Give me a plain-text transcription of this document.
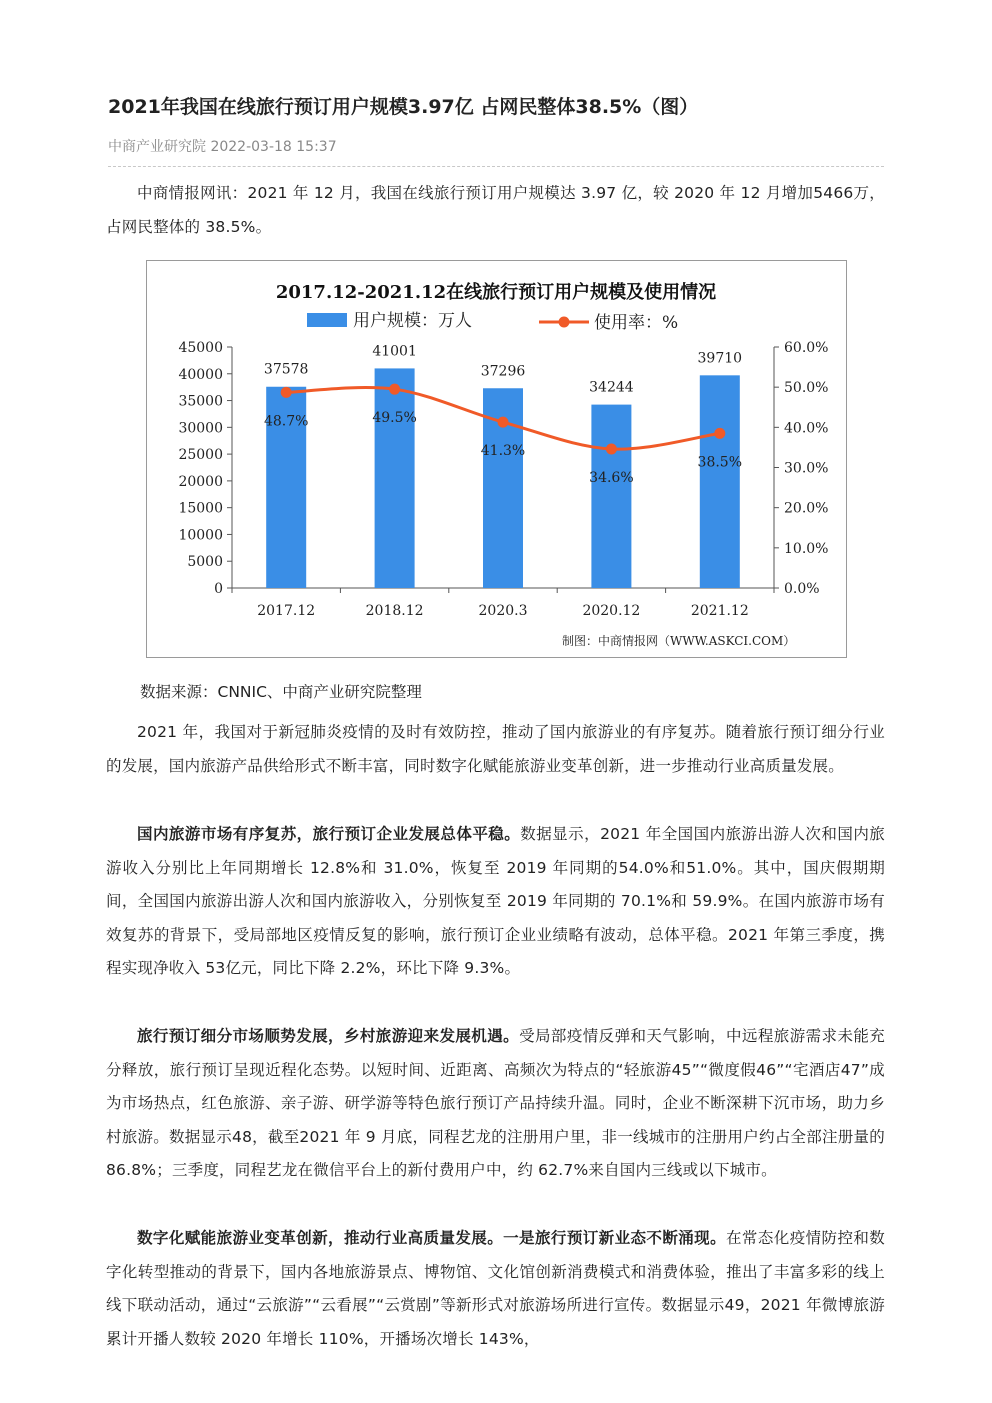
2021年我国在线旅行预订用户规模3.97亿 占网民整体38.5%（图）
中商产业研究院 2022-03-18 15:37
中商情报网讯：2021 年 12 月，我国在线旅行预订用户规模达 3.97 亿，较 2020 年 12 月增加5466万，占网民整体的 38.5%。
2017.12-2021.12在线旅行预订用户规模及使用情况
用户规模：万人	使用率：%
45000
40000
35000
30000
25000
20000
15000
10000
5000
0
60.0%
50.0%
40.0%
30.0%
20.0%
10.0%
0.0%
2017.12	2018.12	2020.3	2020.12	2021.12
37578
41001
37296
34244
39710
48.7%	49.5%
41.3%
34.6%
38.5%
制图：中商情报网（WWW.ASKCI.COM）
数据来源：CNNIC、中商产业研究院整理
2021 年，我国对于新冠肺炎疫情的及时有效防控，推动了国内旅游业的有序复苏。随着旅行预订细分行业的发展，国内旅游产品供给形式不断丰富，同时数字化赋能旅游业变革创新，进一步推动行业高质量发展。
国内旅游市场有序复苏，旅行预订企业发展总体平稳。数据显示，2021 年全国国内旅游出游人次和国内旅游收入分别比上年同期增长 12.8%和 31.0%，恢复至 2019 年同期的54.0%和51.0%。其中，国庆假期期间，全国国内旅游出游人次和国内旅游收入，分别恢复至 2019 年同期的 70.1%和 59.9%。在国内旅游市场有效复苏的背景下，受局部地区疫情反复的影响，旅行预订企业业绩略有波动，总体平稳。2021 年第三季度，携程实现净收入 53亿元，同比下降 2.2%，环比下降 9.3%。
旅行预订细分市场顺势发展，乡村旅游迎来发展机遇。受局部疫情反弹和天气影响，中远程旅游需求未能充分释放，旅行预订呈现近程化态势。以短时间、近距离、高频次为特点的“轻旅游45”“微度假46”“宅酒店47”成为市场热点，红色旅游、亲子游、研学游等特色旅行预订产品持续升温。同时，企业不断深耕下沉市场，助力乡村旅游。数据显示48，截至2021 年 9 月底，同程艺龙的注册用户里，非一线城市的注册用户约占全部注册量的 86.8%；三季度，同程艺龙在微信平台上的新付费用户中，约 62.7%来自国内三线或以下城市。
数字化赋能旅游业变革创新，推动行业高质量发展。一是旅行预订新业态不断涌现。在常态化疫情防控和数字化转型推动的背景下，国内各地旅游景点、博物馆、文化馆创新消费模式和消费体验，推出了丰富多彩的线上线下联动活动，通过“云旅游”“云看展”“云赏剧”等新形式对旅游场所进行宣传。数据显示49，2021 年微博旅游累计开播人数较 2020 年增长 110%，开播场次增长 143%，
